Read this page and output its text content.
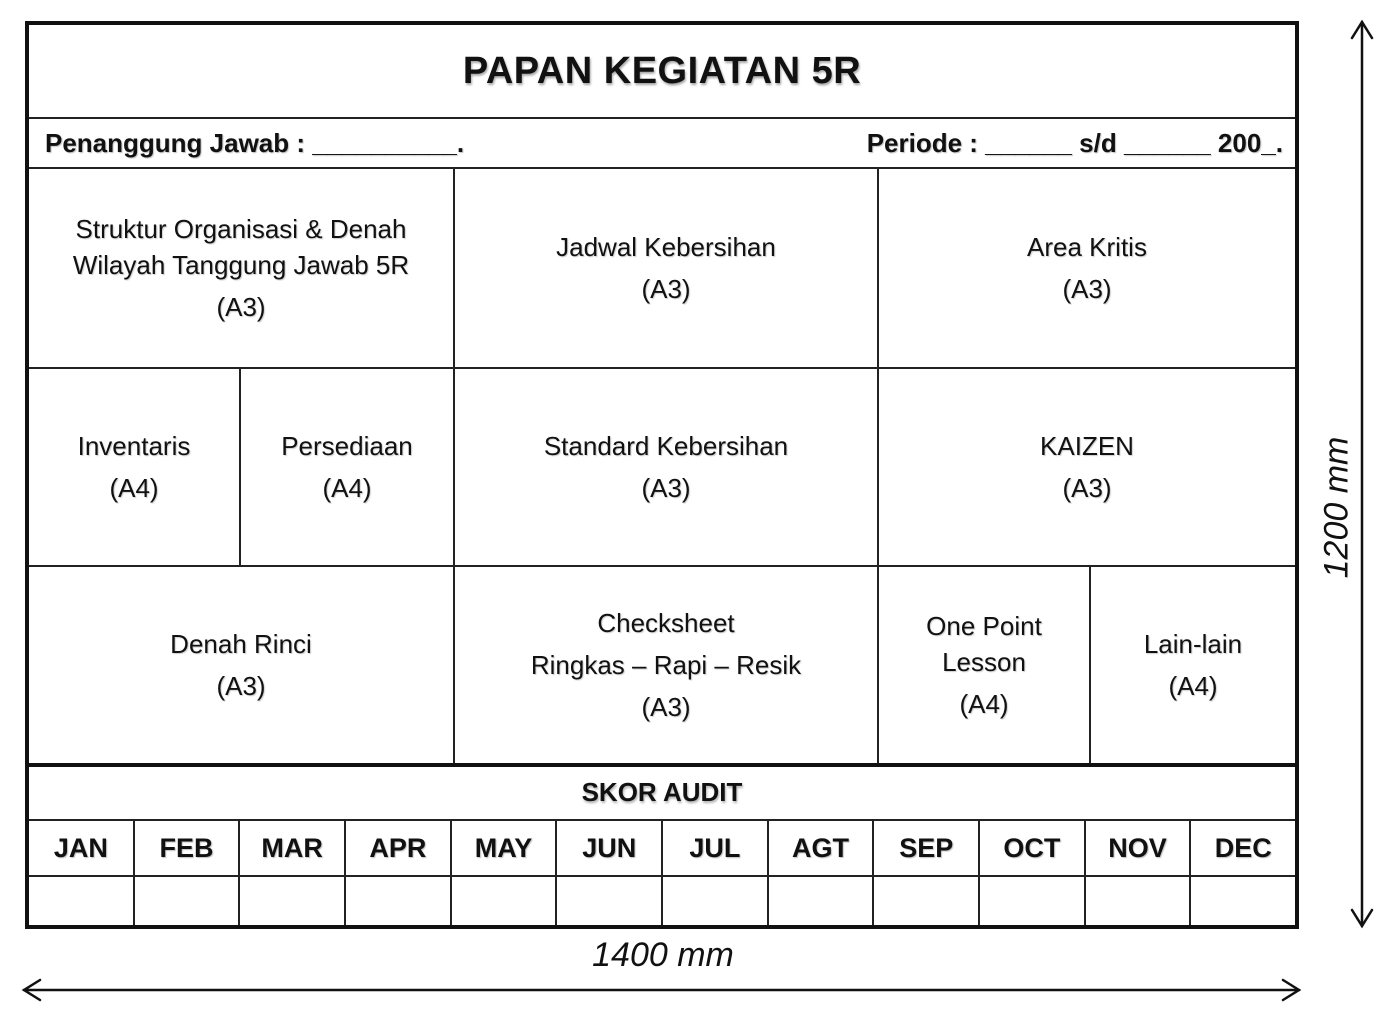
1400 mm
1200 mm
PAPAN KEGIATAN 5R
Penanggung Jawab : __________.	Periode : ______ s/d ______ 200_.
Struktur Organisasi & Denah
Wilayah Tanggung Jawab 5R
(A3)
Jadwal Kebersihan
(A3)
Area Kritis
(A3)
Inventaris
(A4)
Persediaan
(A4)
Standard Kebersihan
(A3)
KAIZEN
(A3)
Denah Rinci
(A3)
Checksheet
Ringkas – Rapi – Resik
(A3)
One Point
Lesson
(A4)
Lain-lain
(A4)
SKOR AUDIT
JAN	FEB	MAR	APR	MAY	JUN	JUL	AGT	SEP	OCT	NOV	DEC
